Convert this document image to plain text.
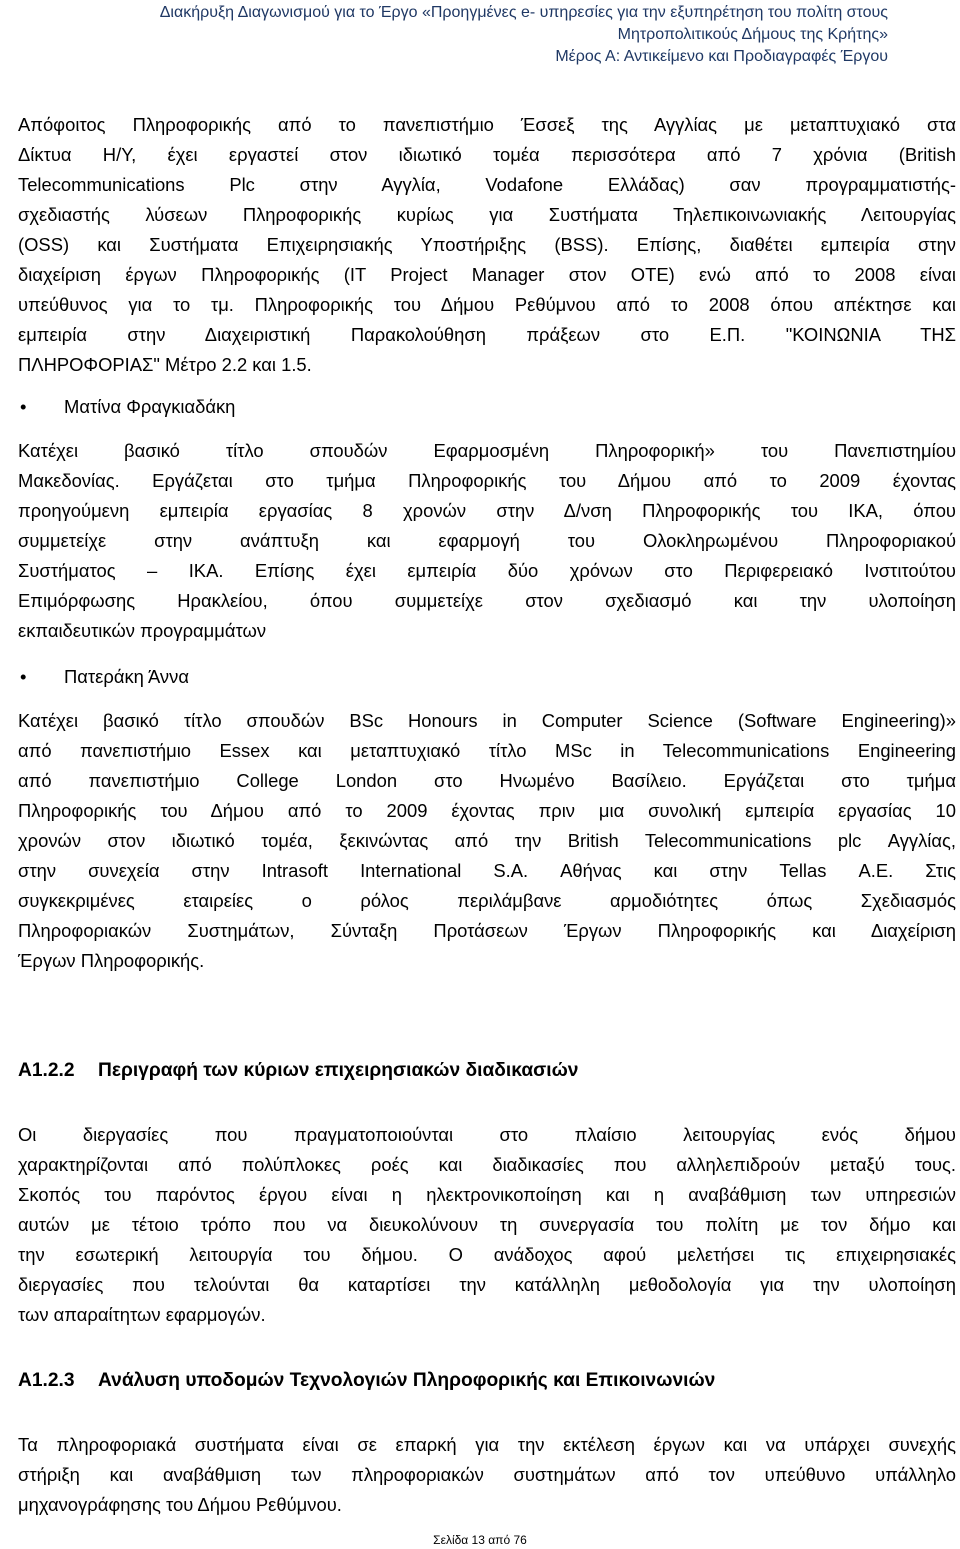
Διακήρυξη Διαγωνισμού για το Έργο «Προηγμένες e- υπηρεσίες για την εξυπηρέτηση του πολίτη στους
Μητροπολιτικούς Δήμους της Κρήτης»
Μέρος Α: Αντικείμενο και Προδιαγραφές Έργου
Απόφοιτος Πληροφορικής από το πανεπιστήμιο Έσσεξ της Αγγλίας με μεταπτυχιακό στα
Δίκτυα Η/Υ, έχει εργαστεί στον ιδιωτικό τομέα περισσότερα από 7 χρόνια (British
Telecommunications Plc στην Αγγλία, Vodafone Ελλάδας) σαν προγραμματιστής-
σχεδιαστής λύσεων Πληροφορικής κυρίως για Συστήματα Τηλεπικοινωνιακής Λειτουργίας
(OSS) και Συστήματα Επιχειρησιακής Υποστήριξης (BSS). Επίσης, διαθέτει εμπειρία στην
διαχείριση έργων Πληροφορικής (IT Project Manager στον ΟΤΕ) ενώ από το 2008 είναι
υπεύθυνος για το τμ. Πληροφορικής του Δήμου Ρεθύμνου από το 2008 όπου απέκτησε και
εμπειρία στην Διαχειριστική Παρακολούθηση πράξεων στο Ε.Π. "ΚΟΙΝΩΝΙΑ ΤΗΣ
ΠΛΗΡΟΦΟΡΙΑΣ" Μέτρο 2.2 και 1.5.
•	Ματίνα Φραγκιαδάκη
Κατέχει βασικό τίτλο σπουδών Εφαρμοσμένη Πληροφορική» του Πανεπιστημίου
Μακεδονίας. Εργάζεται στο τμήμα Πληροφορικής του Δήμου από το 2009 έχοντας
προηγούμενη εμπειρία εργασίας 8 χρονών στην Δ/νση Πληροφορικής του ΙΚΑ, όπου
συμμετείχε στην ανάπτυξη και εφαρμογή του Ολοκληρωμένου Πληροφοριακού
Συστήματος – ΙΚΑ. Επίσης έχει εμπειρία δύο χρόνων στο Περιφερειακό Ινστιτούτου
Επιμόρφωσης Ηρακλείου, όπου συμμετείχε στον σχεδιασμό και την υλοποίηση
εκπαιδευτικών προγραμμάτων
•	Πατεράκη Άννα
Κατέχει βασικό τίτλο σπουδών BSc Honours in Computer Science (Software Engineering)»
από πανεπιστήμιο Essex και μεταπτυχιακό τίτλο MSc in Telecommunications Engineering
από πανεπιστήμιο College London στο Ηνωμένο Βασίλειο. Εργάζεται στο τμήμα
Πληροφορικής του Δήμου από το 2009 έχοντας πριν μια συνολική εμπειρία εργασίας 10
χρονών στον ιδιωτικό τομέα, ξεκινώντας από την British Telecommunications plc Αγγλίας,
στην συνεχεία στην Intrasoft International S.A. Αθήνας και στην Tellas Α.Ε. Στις
συγκεκριμένες εταιρείες ο ρόλος περιλάμβανε αρμοδιότητες όπως Σχεδιασμός
Πληροφοριακών Συστημάτων, Σύνταξη Προτάσεων Έργων Πληροφορικής και Διαχείριση
Έργων Πληροφορικής.
Α1.2.2 Περιγραφή των κύριων επιχειρησιακών διαδικασιών
Οι διεργασίες που πραγματοποιούνται στο πλαίσιο λειτουργίας ενός δήμου
χαρακτηρίζονται από πολύπλοκες ροές και διαδικασίες που αλληλεπιδρούν μεταξύ τους.
Σκοπός του παρόντος έργου είναι η ηλεκτρονικοποίηση και η αναβάθμιση των υπηρεσιών
αυτών με τέτοιο τρόπο που να διευκολύνουν τη συνεργασία του πολίτη με τον δήμο και
την εσωτερική λειτουργία του δήμου. Ο ανάδοχος αφού μελετήσει τις επιχειρησιακές
διεργασίες που τελούνται θα καταρτίσει την κατάλληλη μεθοδολογία για την υλοποίηση
των απαραίτητων εφαρμογών.
Α1.2.3 Ανάλυση υποδομών Τεχνολογιών Πληροφορικής και Επικοινωνιών
Τα πληροφοριακά συστήματα είναι σε επαρκή για την εκτέλεση έργων και να υπάρχει συνεχής
στήριξη και αναβάθμιση των πληροφοριακών συστημάτων από τον υπεύθυνο υπάλληλο
μηχανογράφησης του Δήμου Ρεθύμνου.
Σελίδα 13 από 76
